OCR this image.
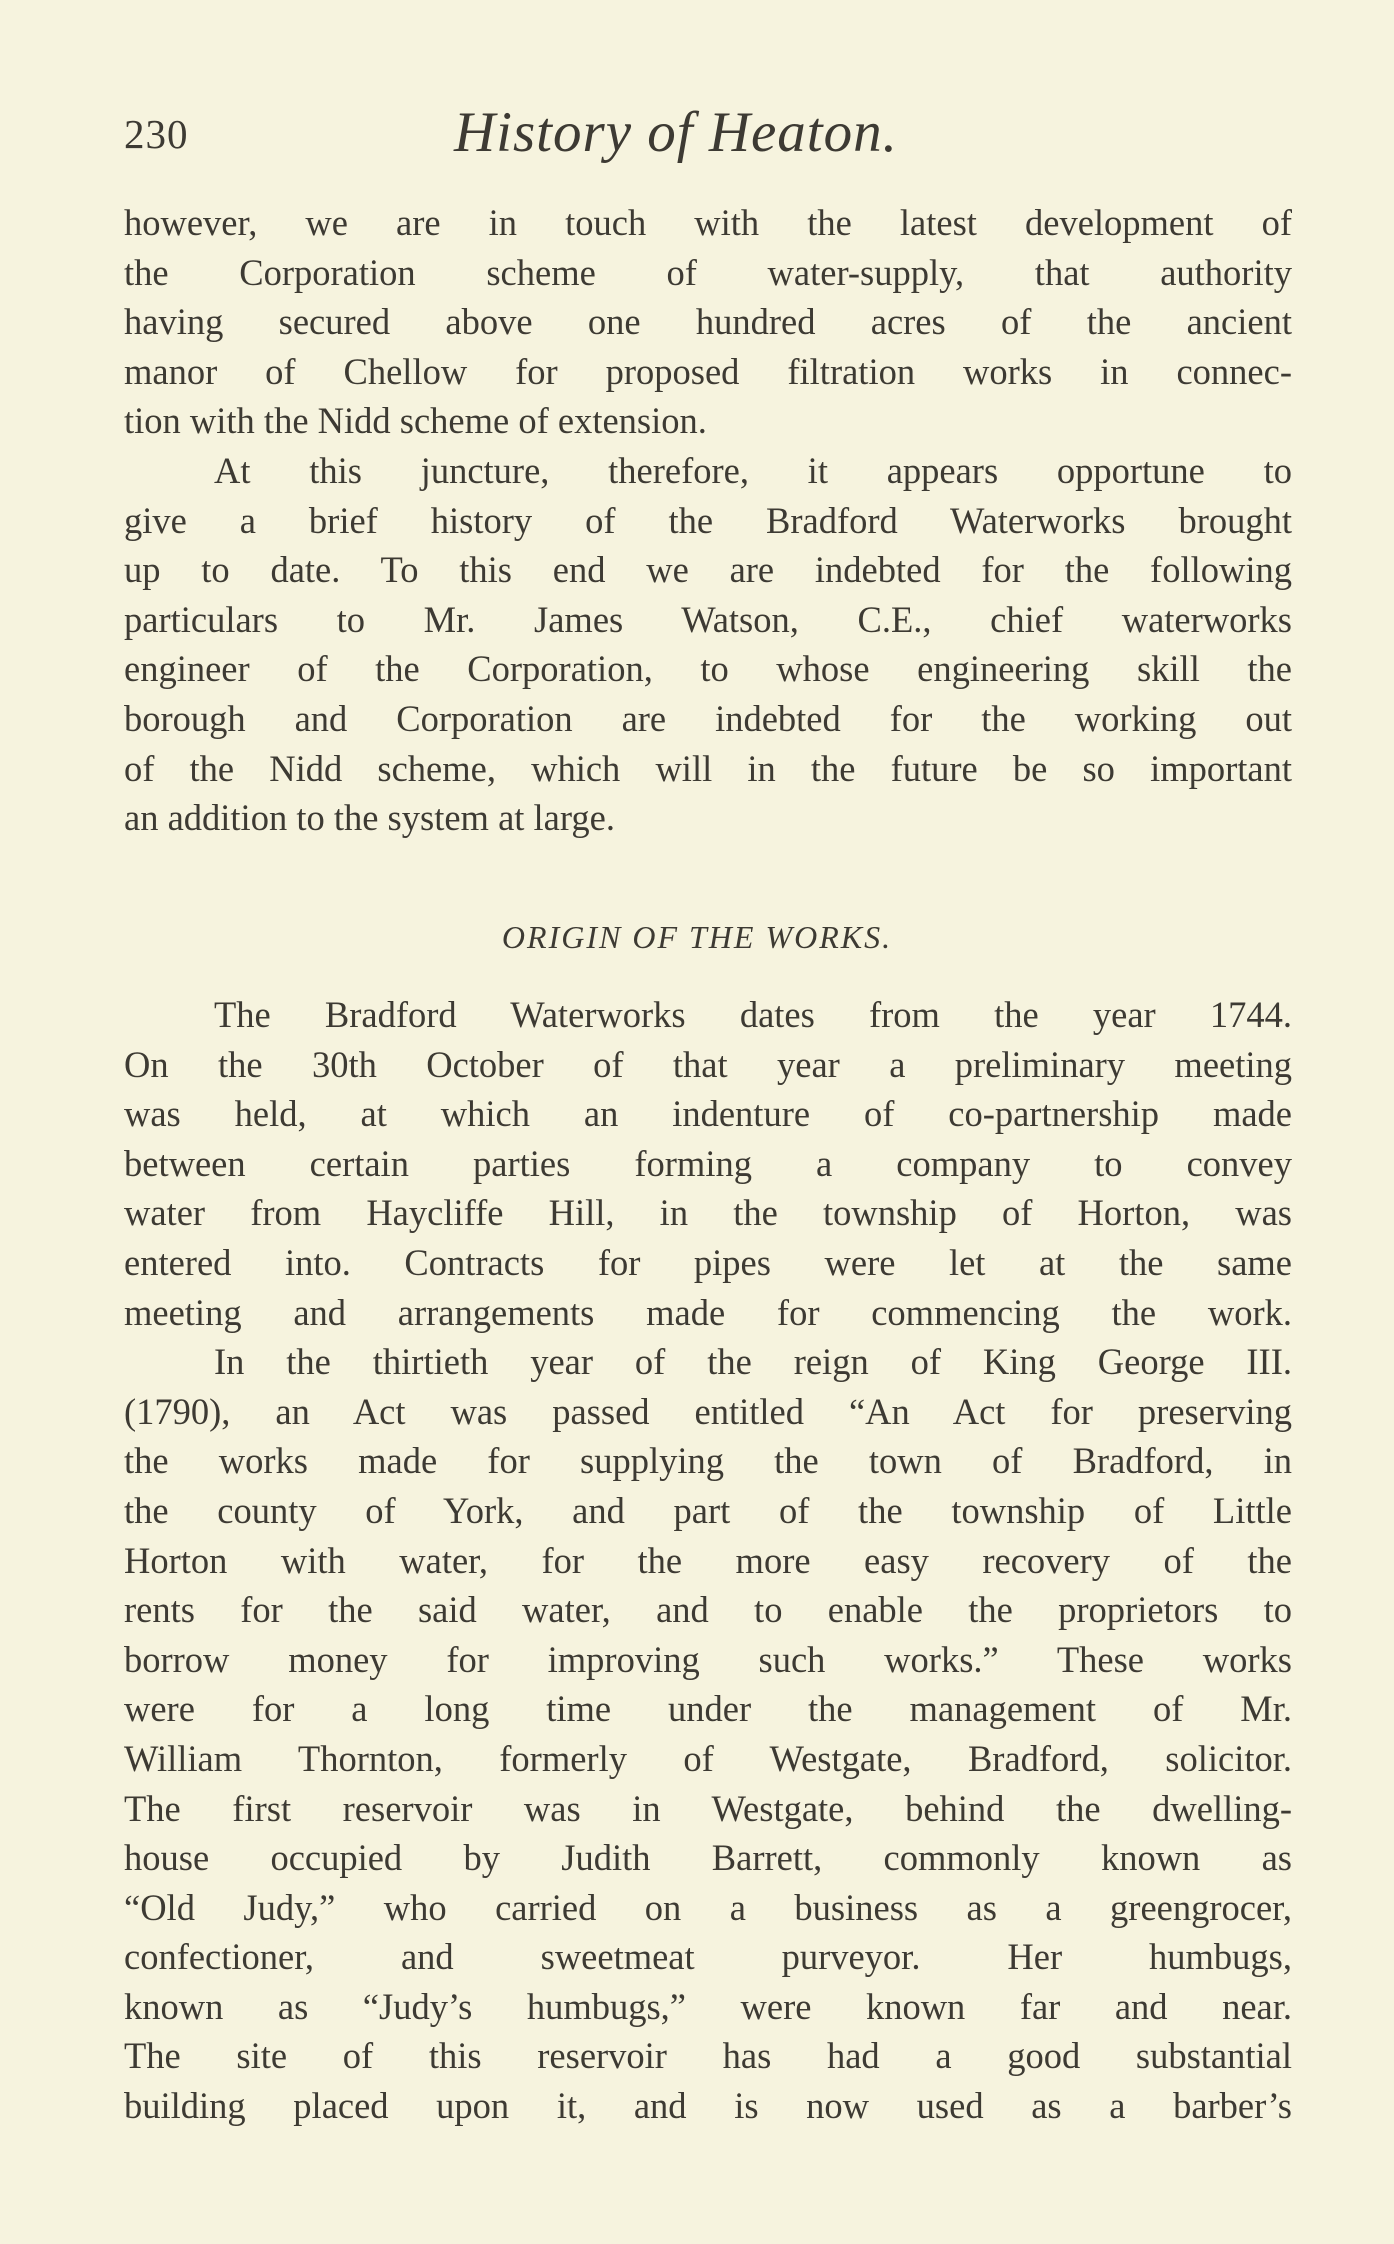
230	History of Heaton.
however, we are in touch with the latest development of
the Corporation scheme of water-supply, that authority
having secured above one hundred acres of the ancient
manor of Chellow for proposed filtration works in connec-
tion with the Nidd scheme of extension.
At this juncture, therefore, it appears opportune to
give a brief history of the Bradford Waterworks brought
up to date. To this end we are indebted for the following
particulars to Mr. James Watson, C.E., chief waterworks
engineer of the Corporation, to whose engineering skill the
borough and Corporation are indebted for the working out
of the Nidd scheme, which will in the future be so important
an addition to the system at large.
ORIGIN OF THE WORKS.
The Bradford Waterworks dates from the year 1744.
On the 30th October of that year a preliminary meeting
was held, at which an indenture of co-partnership made
between certain parties forming a company to convey
water from Haycliffe Hill, in the township of Horton, was
entered into. Contracts for pipes were let at the same
meeting and arrangements made for commencing the work.
In the thirtieth year of the reign of King George III.
(1790), an Act was passed entitled “An Act for preserving
the works made for supplying the town of Bradford, in
the county of York, and part of the township of Little
Horton with water, for the more easy recovery of the
rents for the said water, and to enable the proprietors to
borrow money for improving such works.” These works
were for a long time under the management of Mr.
William Thornton, formerly of Westgate, Bradford, solicitor.
The first reservoir was in Westgate, behind the dwelling-
house occupied by Judith Barrett, commonly known as
“Old Judy,” who carried on a business as a greengrocer,
confectioner, and sweetmeat purveyor. Her humbugs,
known as “Judy’s humbugs,” were known far and near.
The site of this reservoir has had a good substantial
building placed upon it, and is now used as a barber’s
